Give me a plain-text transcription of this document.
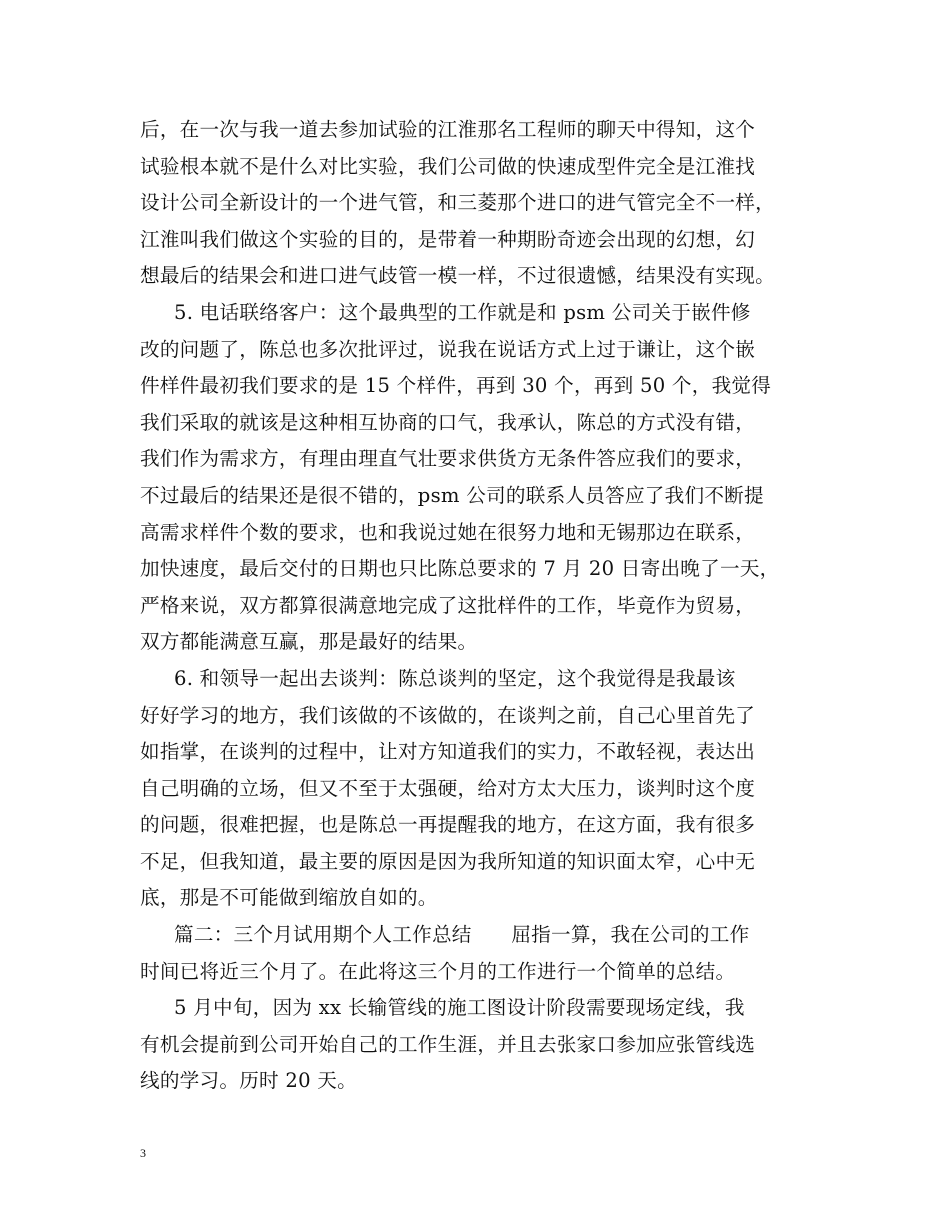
后，在一次与我一道去参加试验的江淮那名工程师的聊天中得知，这个
试验根本就不是什么对比实验，我们公司做的快速成型件完全是江淮找
设计公司全新设计的一个进气管，和三菱那个进口的进气管完全不一样，
江淮叫我们做这个实验的目的，是带着一种期盼奇迹会出现的幻想，幻
想最后的结果会和进口进气歧管一模一样，不过很遗憾，结果没有实现。
5. 电话联络客户：这个最典型的工作就是和 psm 公司关于嵌件修
改的问题了，陈总也多次批评过，说我在说话方式上过于谦让，这个嵌
件样件最初我们要求的是 15 个样件，再到 30 个，再到 50 个，我觉得
我们采取的就该是这种相互协商的口气，我承认，陈总的方式没有错，
我们作为需求方，有理由理直气壮要求供货方无条件答应我们的要求，
不过最后的结果还是很不错的，psm 公司的联系人员答应了我们不断提
高需求样件个数的要求，也和我说过她在很努力地和无锡那边在联系，
加快速度，最后交付的日期也只比陈总要求的 7 月 20 日寄出晚了一天，
严格来说，双方都算很满意地完成了这批样件的工作，毕竟作为贸易，
双方都能满意互赢，那是最好的结果。
6. 和领导一起出去谈判：陈总谈判的坚定，这个我觉得是我最该
好好学习的地方，我们该做的不该做的，在谈判之前，自己心里首先了
如指掌，在谈判的过程中，让对方知道我们的实力，不敢轻视，表达出
自己明确的立场，但又不至于太强硬，给对方太大压力，谈判时这个度
的问题，很难把握，也是陈总一再提醒我的地方，在这方面，我有很多
不足，但我知道，最主要的原因是因为我所知道的知识面太窄，心中无
底，那是不可能做到缩放自如的。
篇二：三个月试用期个人工作总结　　屈指一算，我在公司的工作
时间已将近三个月了。在此将这三个月的工作进行一个简单的总结。
5 月中旬，因为 xx 长输管线的施工图设计阶段需要现场定线，我
有机会提前到公司开始自己的工作生涯，并且去张家口参加应张管线选
线的学习。历时 20 天。
3
